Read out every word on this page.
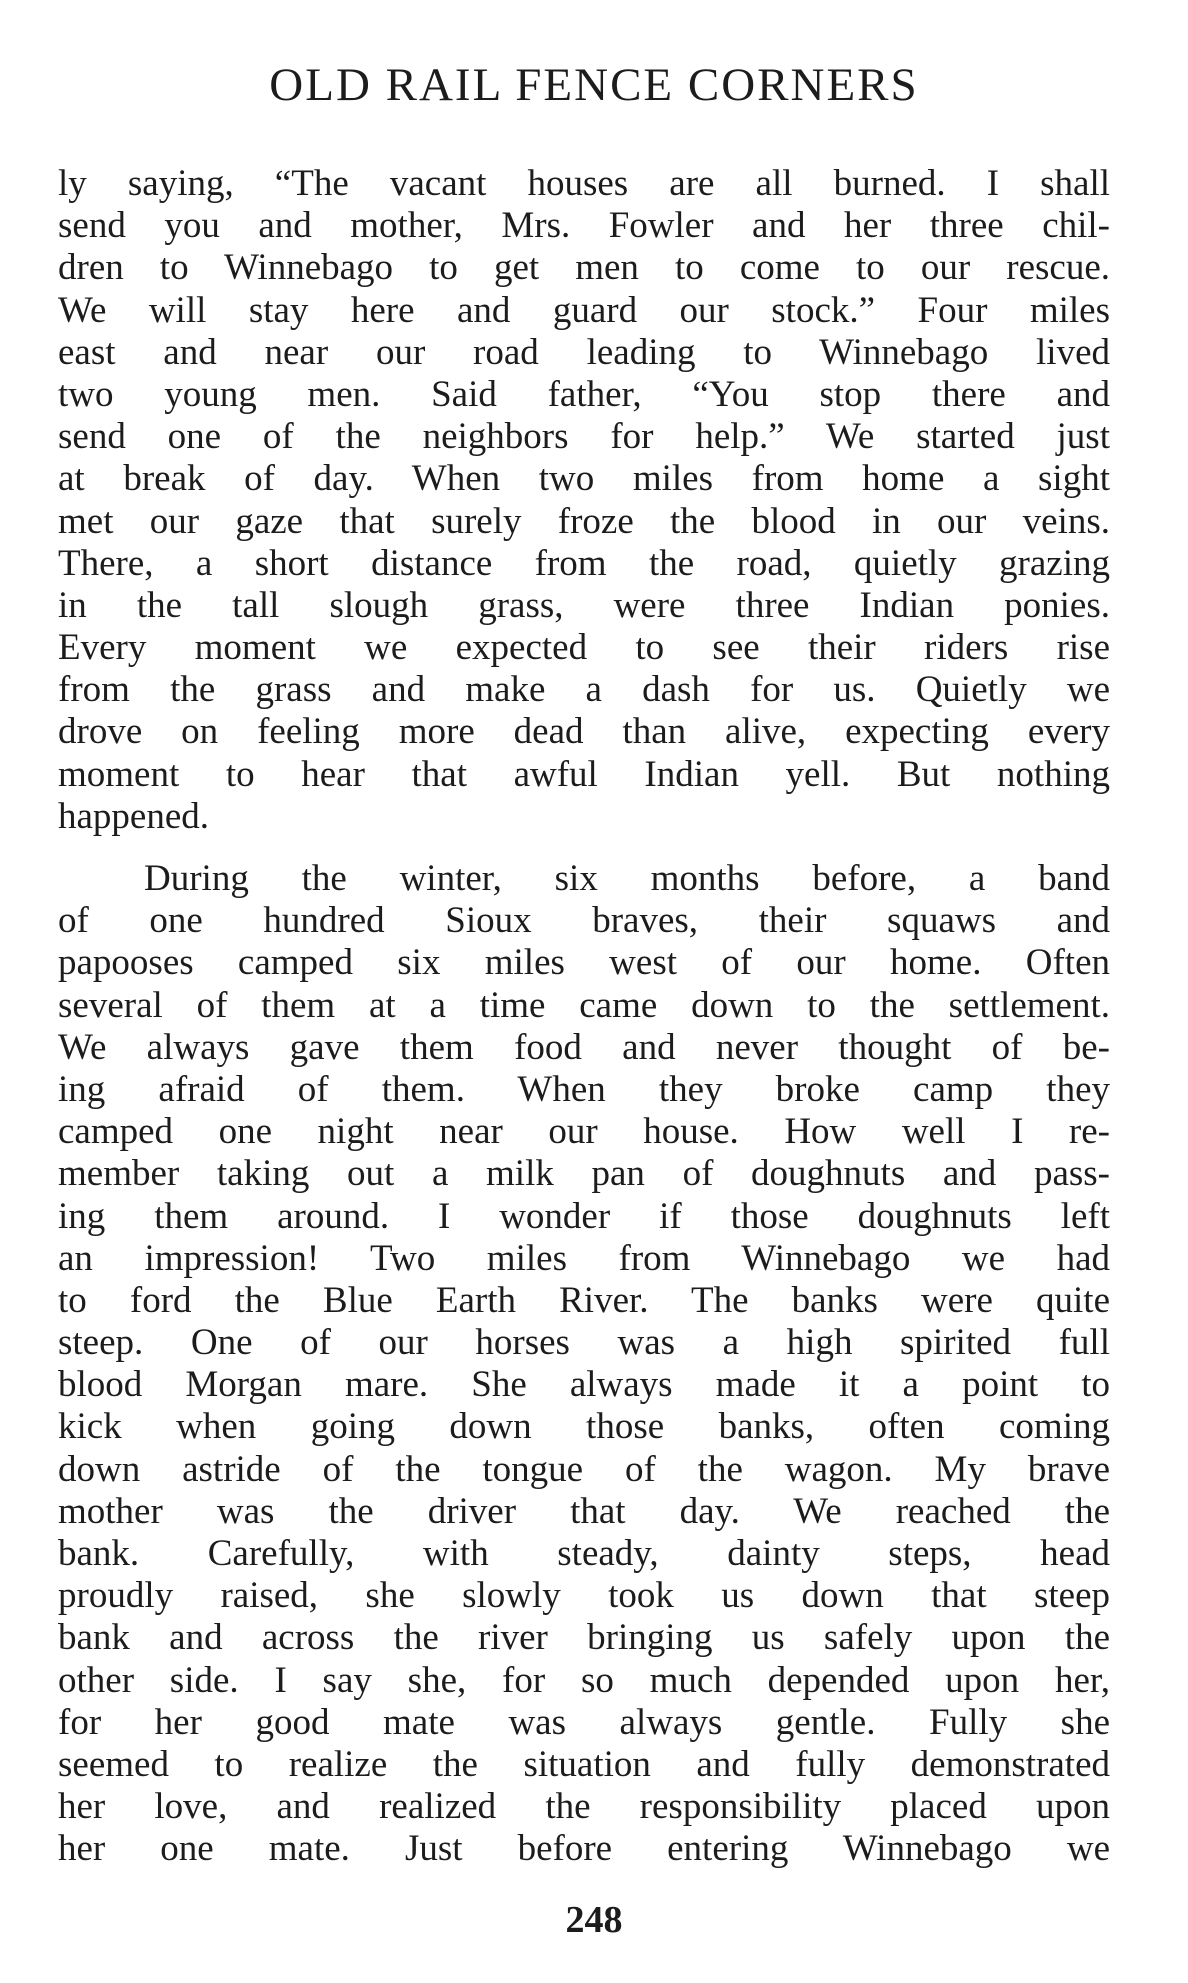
OLD RAIL FENCE CORNERS
ly saying, “The vacant houses are all burned. I shall
send you and mother, Mrs. Fowler and her three chil-
dren to Winnebago to get men to come to our rescue.
We will stay here and guard our stock.” Four miles
east and near our road leading to Winnebago lived
two young men. Said father, “You stop there and
send one of the neighbors for help.” We started just
at break of day. When two miles from home a sight
met our gaze that surely froze the blood in our veins.
There, a short distance from the road, quietly grazing
in the tall slough grass, were three Indian ponies.
Every moment we expected to see their riders rise
from the grass and make a dash for us. Quietly we
drove on feeling more dead than alive, expecting every
moment to hear that awful Indian yell. But nothing
happened.
During the winter, six months before, a band
of one hundred Sioux braves, their squaws and
papooses camped six miles west of our home. Often
several of them at a time came down to the settlement.
We always gave them food and never thought of be-
ing afraid of them. When they broke camp they
camped one night near our house. How well I re-
member taking out a milk pan of doughnuts and pass-
ing them around. I wonder if those doughnuts left
an impression! Two miles from Winnebago we had
to ford the Blue Earth River. The banks were quite
steep. One of our horses was a high spirited full
blood Morgan mare. She always made it a point to
kick when going down those banks, often coming
down astride of the tongue of the wagon. My brave
mother was the driver that day. We reached the
bank. Carefully, with steady, dainty steps, head
proudly raised, she slowly took us down that steep
bank and across the river bringing us safely upon the
other side. I say she, for so much depended upon her,
for her good mate was always gentle. Fully she
seemed to realize the situation and fully demonstrated
her love, and realized the responsibility placed upon
her one mate. Just before entering Winnebago we
248
